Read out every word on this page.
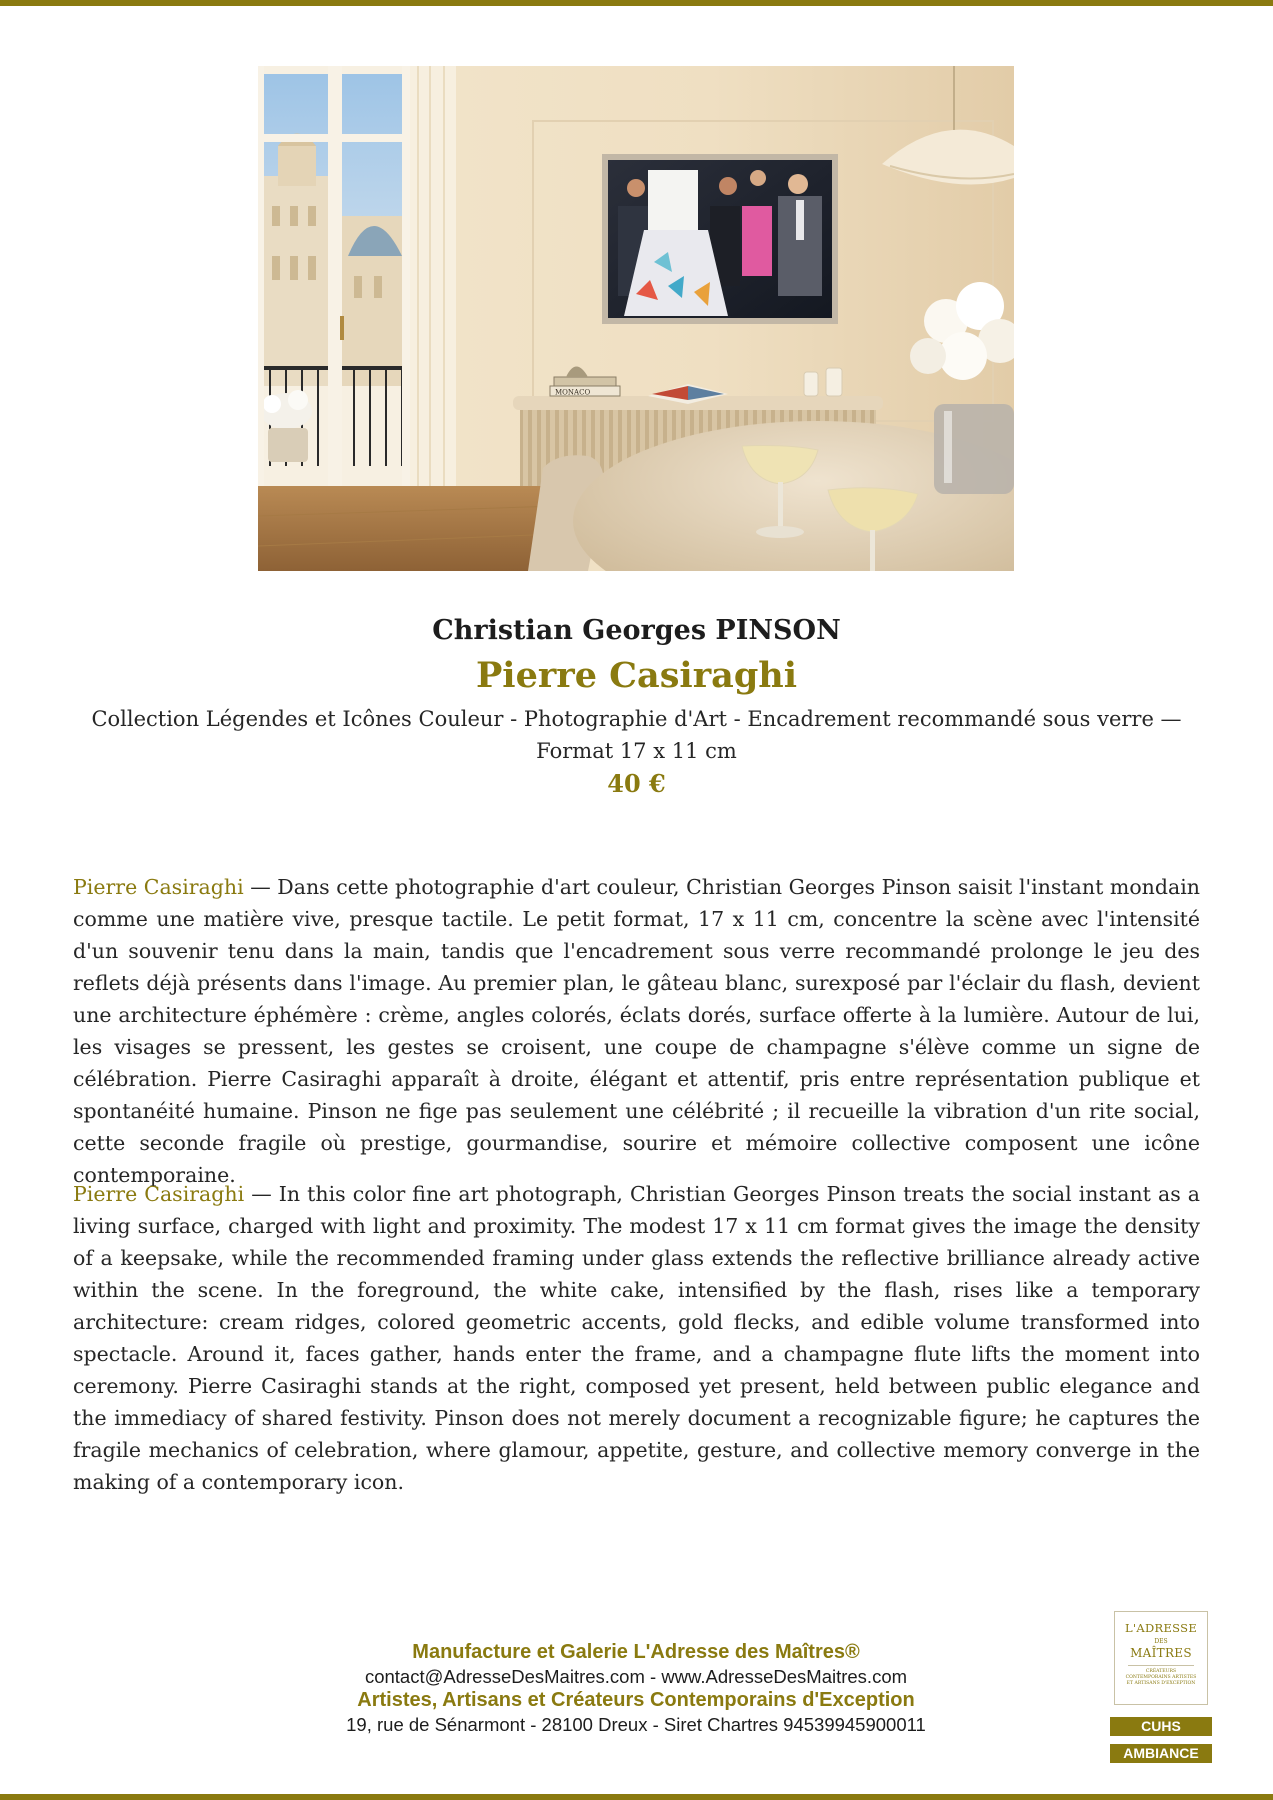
MONACO
Christian Georges PINSON
Pierre Casiraghi
Collection Légendes et Icônes Couleur - Photographie d'Art - Encadrement recommandé sous verre — Format 17 x 11 cm
40 €

Pierre Casiraghi — Dans cette photographie d'art couleur, Christian Georges Pinson saisit l'instant mondain comme une matière vive, presque tactile. Le petit format, 17 x 11 cm, concentre la scène avec l'intensité d'un souvenir tenu dans la main, tandis que l'encadrement sous verre recommandé prolonge le jeu des reflets déjà présents dans l'image. Au premier plan, le gâteau blanc, surexposé par l'éclair du flash, devient une architecture éphémère : crème, angles colorés, éclats dorés, surface offerte à la lumière. Autour de lui, les visages se pressent, les gestes se croisent, une coupe de champagne s'élève comme un signe de célébration. Pierre Casiraghi apparaît à droite, élégant et attentif, pris entre représentation publique et spontanéité humaine. Pinson ne fige pas seulement une célébrité ; il recueille la vibration d'un rite social, cette seconde fragile où prestige, gourmandise, sourire et mémoire collective composent une icône contemporaine.

Pierre Casiraghi — In this color fine art photograph, Christian Georges Pinson treats the social instant as a living surface, charged with light and proximity. The modest 17 x 11 cm format gives the image the density of a keepsake, while the recommended framing under glass extends the reflective brilliance already active within the scene. In the foreground, the white cake, intensified by the flash, rises like a temporary architecture: cream ridges, colored geometric accents, gold flecks, and edible volume transformed into spectacle. Around it, faces gather, hands enter the frame, and a champagne flute lifts the moment into ceremony. Pierre Casiraghi stands at the right, composed yet present, held between public elegance and the immediacy of shared festivity. Pinson does not merely document a recognizable figure; he captures the fragile mechanics of celebration, where glamour, appetite, gesture, and collective memory converge in the making of a contemporary icon.

Manufacture et Galerie L'Adresse des Maîtres®
contact@AdresseDesMaitres.com - www.AdresseDesMaitres.com
Artistes, Artisans et Créateurs Contemporains d'Exception
19, rue de Sénarmont - 28100 Dreux - Siret Chartres 94539945900011
L'ADRESSE
DES
MAÎTRES
CRÉATEURS CONTEMPORAINS ARTISTES ET ARTISANS D'EXCEPTION
CUHS
AMBIANCE
